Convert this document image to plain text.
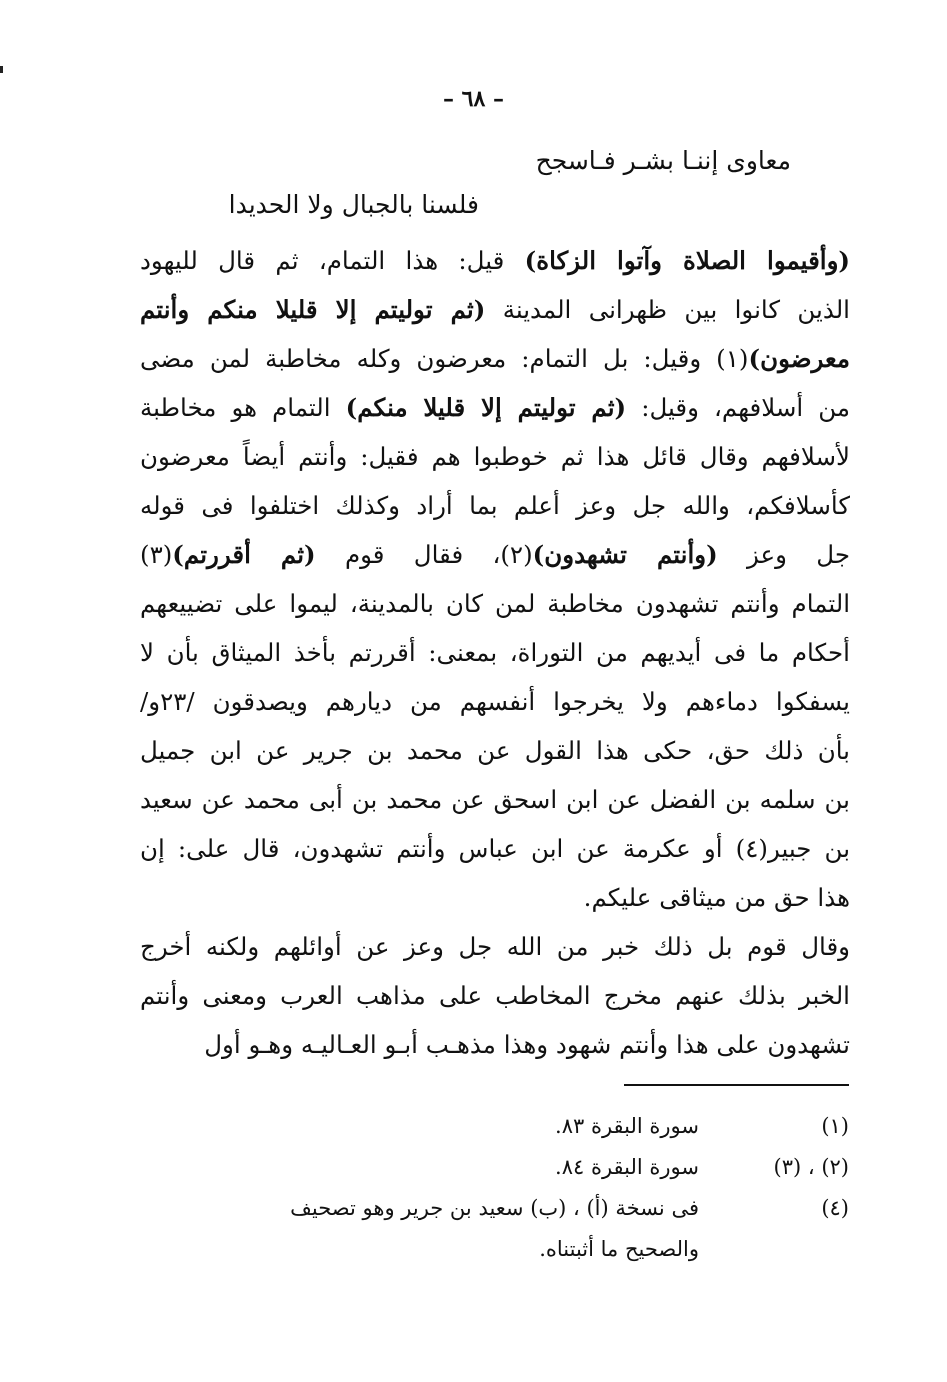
– ٦٨ –
معاوى إننـا بشـر فـاسجح
فلسنا بالجبال ولا الحديدا
(وأقيموا الصلاة وآتوا الزكاة) قيل: هذا التمام، ثم قال لليهود
الذين كانوا بين ظهرانى المدينة (ثم توليتم إلا قليلا منكم وأنتم
معرضون)(١) وقيل: بل التمام: معرضون وكله مخاطبة لمن مضى
من أسلافهم، وقيل: (ثم توليتم إلا قليلا منكم) التمام هو مخاطبة
لأسلافهم وقال قائل هذا ثم خوطبوا هم فقيل: وأنتم أيضاً معرضون
كأسلافكم، والله جل وعز أعلم بما أراد وكذلك اختلفوا فى قوله
جل وعز (وأنتم تشهدون)(٢)، فقال قوم (ثم أقررتم)(٣)
التمام وأنتم تشهدون مخاطبة لمن كان بالمدينة، ليموا على تضييعهم
أحكام ما فى أيديهم من التوراة، بمعنى: أقررتم بأخذ الميثاق بأن لا
يسفكوا دماءهم ولا يخرجوا أنفسهم من ديارهم ويصدقون /٢٣و/
بأن ذلك حق، حكى هذا القول عن محمد بن جرير عن ابن جميل
بن سلمه بن الفضل عن ابن اسحق عن محمد بن أبى محمد عن سعيد
بن جبير(٤) أو عكرمة عن ابن عباس وأنتم تشهدون، قال على: إن
هذا حق من ميثاقى عليكم.
وقال قوم بل ذلك خبر من الله جل وعز عن أوائلهم ولكنه أخرج
الخبر بذلك عنهم مخرج المخاطب على مذاهب العرب ومعنى وأنتم
تشهدون على هذا وأنتم شهود وهذا مذهـب أبـو العـاليـه وهـو أول
(١)
سورة البقرة ٨٣.
(٢) ، (٣)
سورة البقرة ٨٤.
(٤)
فى نسخة (أ) ، (ب) سعيد بن جرير وهو تصحيف
والصحيح ما أثبتناه.
